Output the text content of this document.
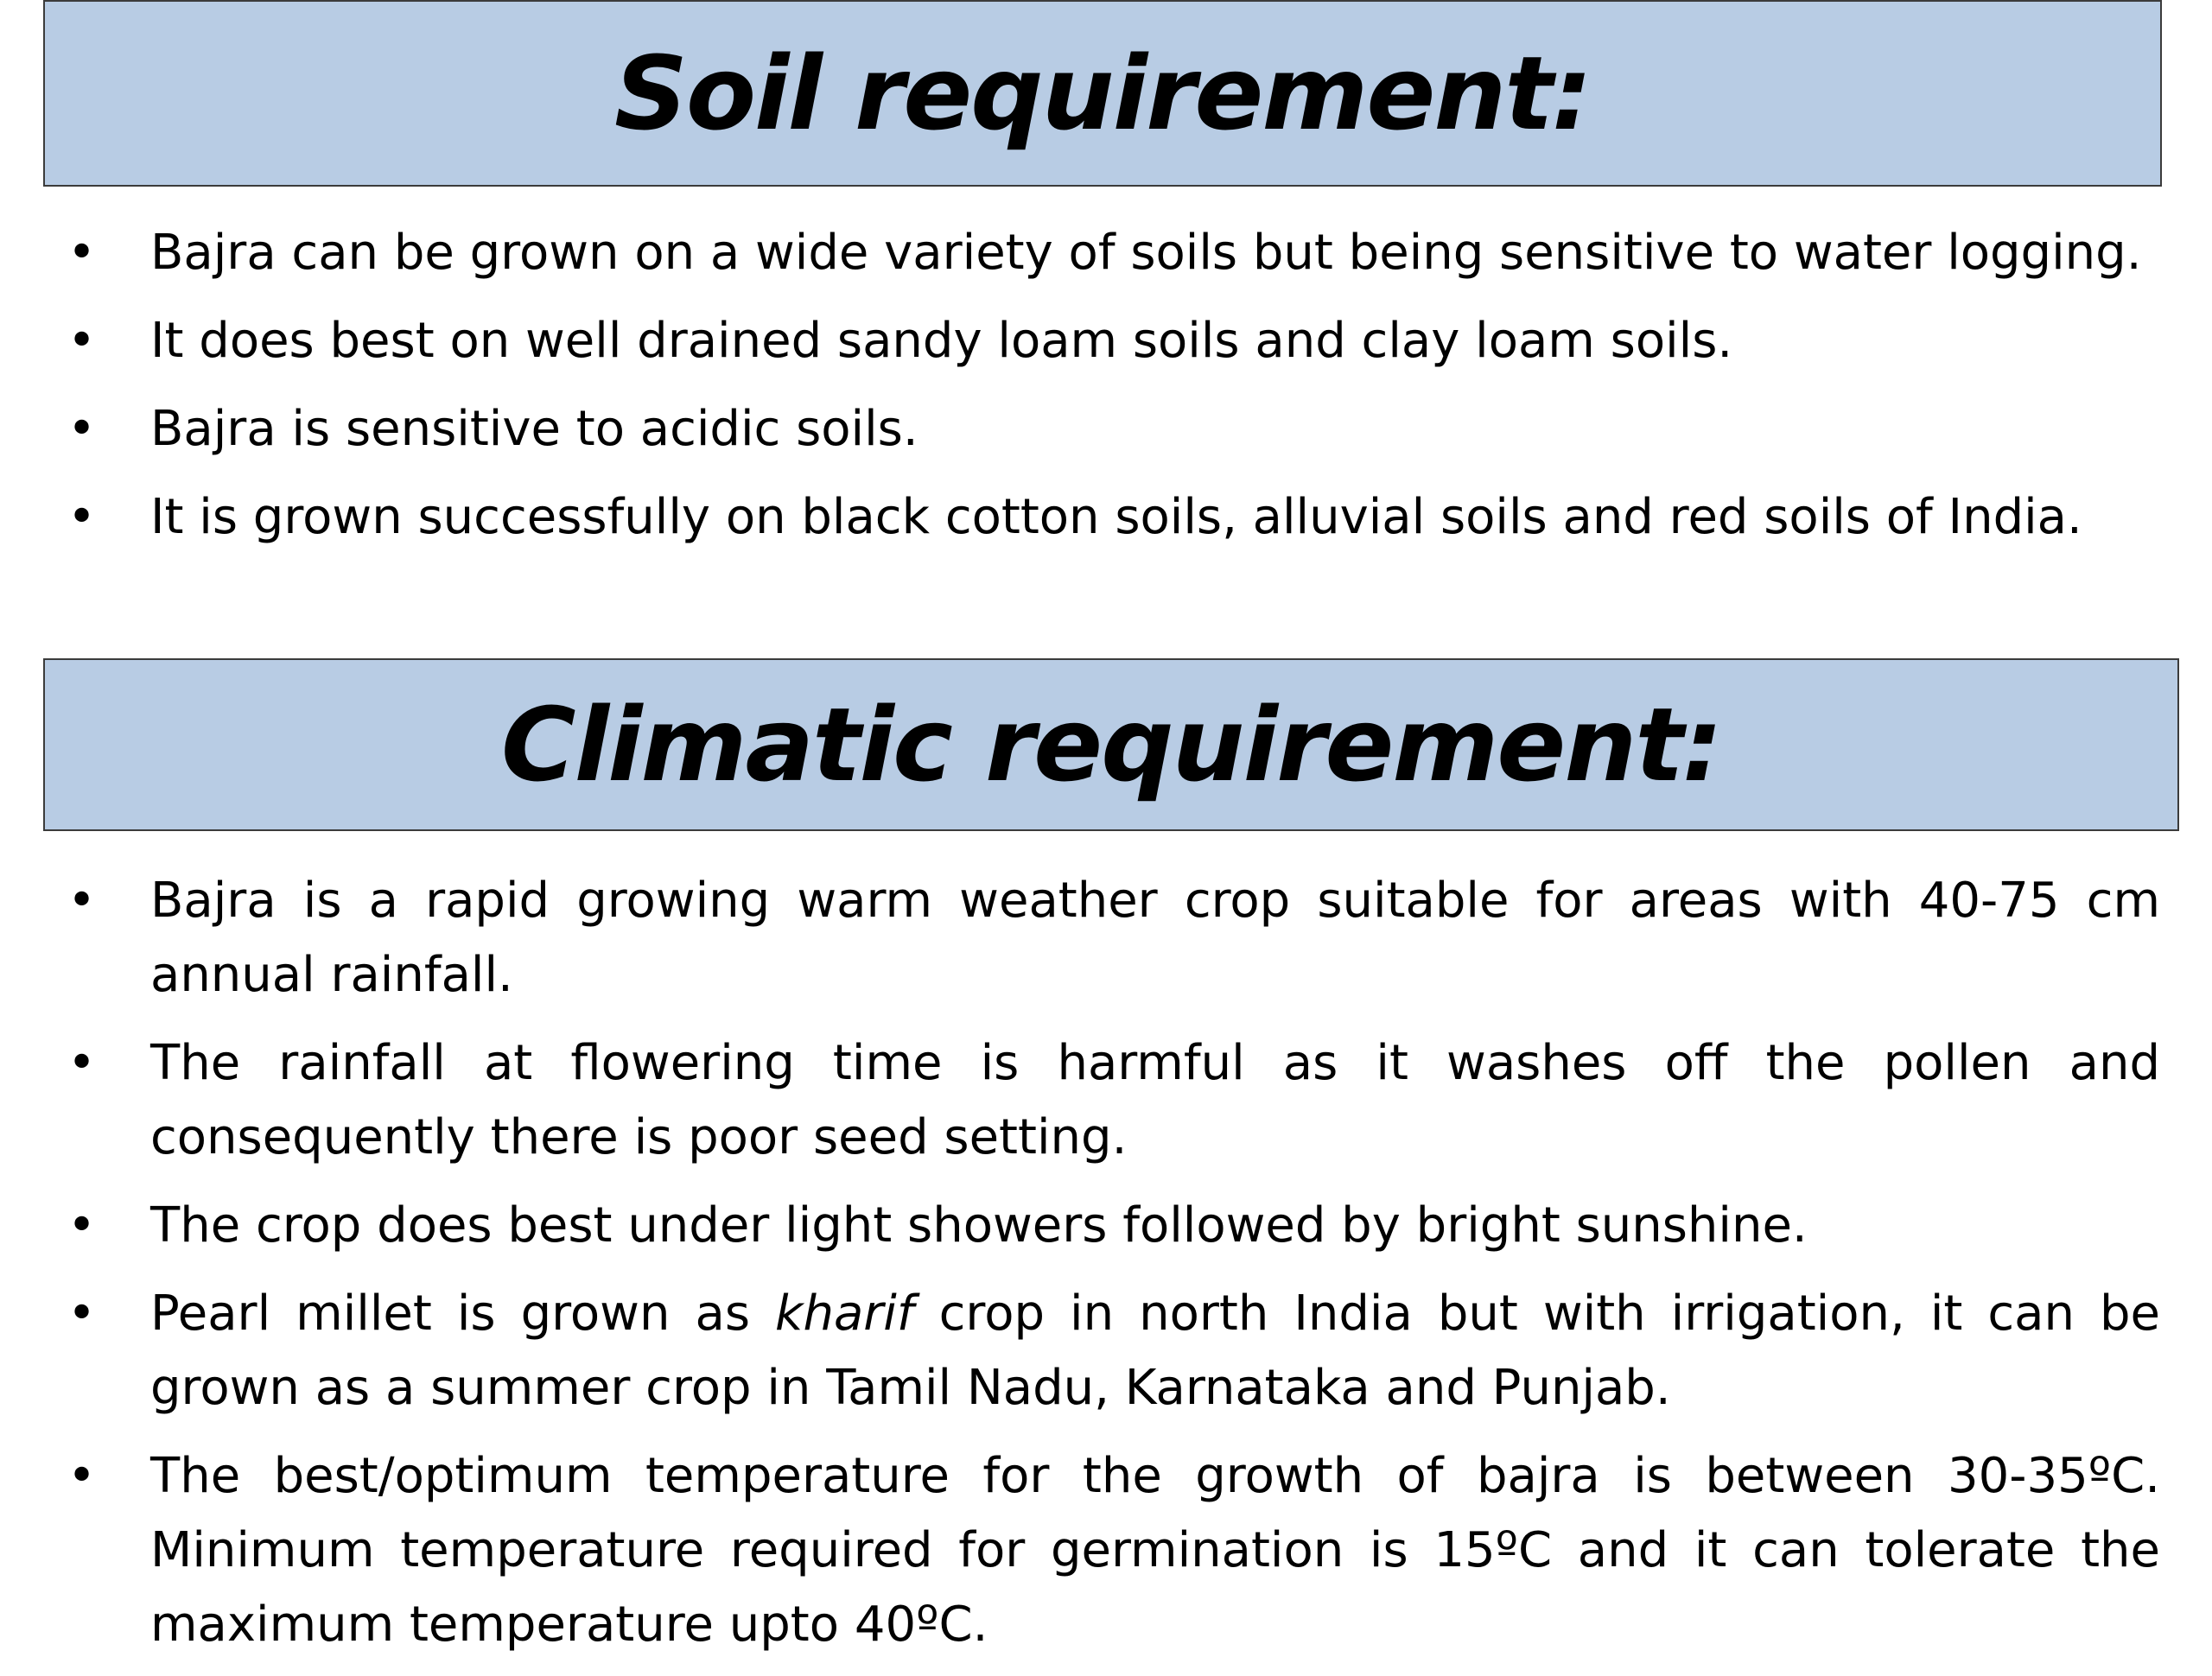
Soil requirement:
• Bajra can be grown on a wide variety of soils but being sensitive to water logging.
• It does best on well drained sandy loam soils and clay loam soils.
• Bajra is sensitive to acidic soils.
• It is grown successfully on black cotton soils, alluvial soils and red soils of India.
Climatic requirement:
• Bajra is a rapid growing warm weather crop suitable for areas with 40-75 cm annual rainfall.
• The rainfall at flowering time is harmful as it washes off the pollen and consequently there is poor seed setting.
• The crop does best under light showers followed by bright sunshine.
• Pearl millet is grown as kharif crop in north India but with irrigation, it can be grown as a summer crop in Tamil Nadu, Karnataka and Punjab.
• The best/optimum temperature for the growth of bajra is between 30-35ºC. Minimum temperature required for germination is 15ºC and it can tolerate the maximum temperature upto 40ºC.
